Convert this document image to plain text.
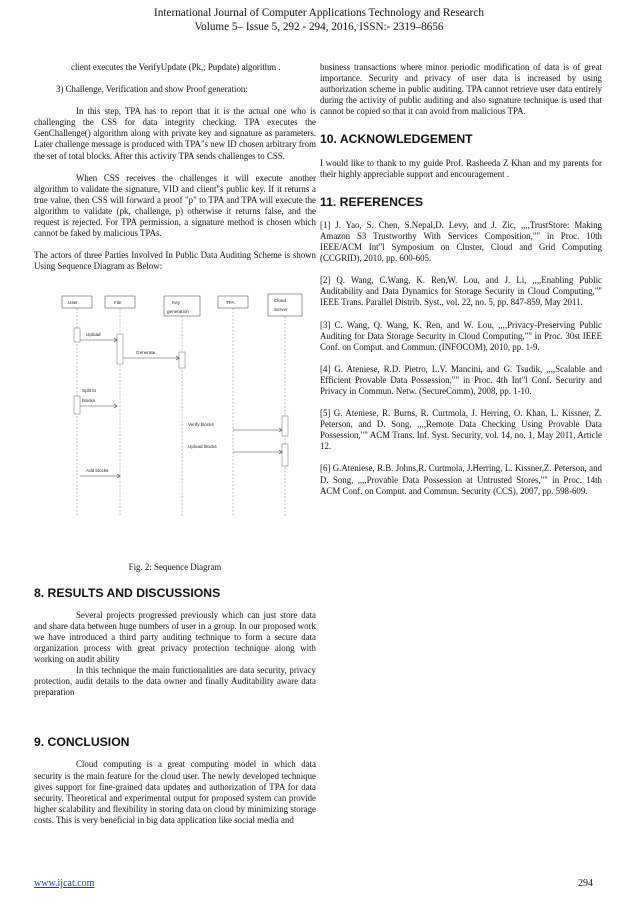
International Journal of Computer Applications Technology and Research
Volume 5– Issue 5, 292 - 294, 2016, ISSN:- 2319–8656

client executes the VerifyUpdate (Pk,; Pupdate) algorithm .

3) Challenge, Verification and show Proof generation:

In this step, TPA has to report that it is the actual one who is challenging the CSS for data integrity checking. TPA executes the GenChallenge() algorithm along with private key and signature as parameters. Later challenge message is produced with TPA"s new ID chosen arbitrary from the set of total blocks. After this activity TPA sends challenges to CSS.

When CSS receives the challenges it will execute another algorithm to validate the signature, VID and client"s public key. If it returns a true value, then CSS will forward a proof "p" to TPA and TPA will execute the algorithm to validate (pk, challenge, p) otherwise it returns false, and the request is rejected. For TPA permission, a signature method is chosen which cannot be faked by malicious TPAs.

The actors of three Parties Involved In Public Data Auditing Scheme is shown Using Sequence Diagram as Below:

Fig. 2: Sequence Diagram

8. RESULTS AND DISCUSSIONS

Several projects progressed previously which can just store data and share data between huge numbers of user in a group. In our proposed work we have introduced a third party auditing technique to form a secure data organization process with great privacy protection technique along with working on audit ability

In this technique the main functionalities are data security, privacy protection, audit details to the data owner and finally Auditability aware data preparation

9. CONCLUSION

Cloud computing is a great computing model in which data security is the main feature for the cloud user. The newly developed technique gives support for fine-grained data updates and authorization of TPA for data security. Theoretical and experimental output for proposed system can provide higher scalability and flexibility in storing data on cloud by minimizing storage costs. This is very beneficial in big data application like social media and

User	File	Key
generation
TPA	Cloud
Server
Upload
Generate
Split to
blocks
Verify blocks
Upload blocks
Add blocks

business transactions where minor periodic modification of data is of great importance. Security and privacy of user data is increased by using authorization scheme in public auditing. TPA cannot retrieve user data entirely during the activity of public auditing and also signature technique is used that cannot be copied so that it can avoid from malicious TPA.

10. ACKNOWLEDGEMENT

I would like to thank to my guide Prof. Rasheeda Z Khan and my parents for their highly appreciable support and encouragement .

11. REFERENCES

[1] J. Yao, S. Chen, S.Nepal,D. Levy, and J. Zic, ,,,,TrustStore: Making Amazon S3 Trustworthy With Services Composition,"" in Proc. 10th IEEE/ACM Int"l Symposium on Cluster, Cloud and Grid Computing (CCGRID), 2010, pp. 600-605.

[2] Q. Wang, C.Wang, K. Ren,W. Lou, and J. Li, ,,,,Enabling Public Auditability and Data Dynamics for Storage Security in Cloud Computing,"" IEEE Trans. Parallel Distrib. Syst., vol. 22, no. 5, pp. 847-859, May 2011.

[3] C. Wang, Q. Wang, K. Ren, and W. Lou, ,,,,Privacy-Preserving Public Auditing for Data Storage Security in Cloud Computing,"" in Proc. 30st IEEE Conf. on Comput. and Commun. (INFOCOM), 2010, pp. 1-9.

[4] G. Ateniese, R.D. Pietro, L.V. Mancini, and G. Tsudik, ,,,,Scalable and Efficient Provable Data Possession,"" in Proc. 4th Int"l Conf. Security and Privacy in Commun. Netw. (SecureComm), 2008, pp. 1-10.

[5] G. Ateniese, R. Burns, R. Curtmola, J. Herring, O. Khan, L. Kissner, Z. Peterson, and D. Song, ,,,,Remote Data Checking Using Provable Data Possession,"" ACM Trans. Inf. Syst. Security, vol. 14, no. 1, May 2011, Article 12.

[6] G.Ateniese, R.B. Johns,R. Curtmola, J.Herring, L. Kissner,Z. Peterson, and D. Song, ,,,,Provable Data Possession at Untrusted Stores,"" in Proc. 14th ACM Conf. on Comput. and Commun. Security (CCS), 2007, pp. 598-609.

www.ijcat.com	294
